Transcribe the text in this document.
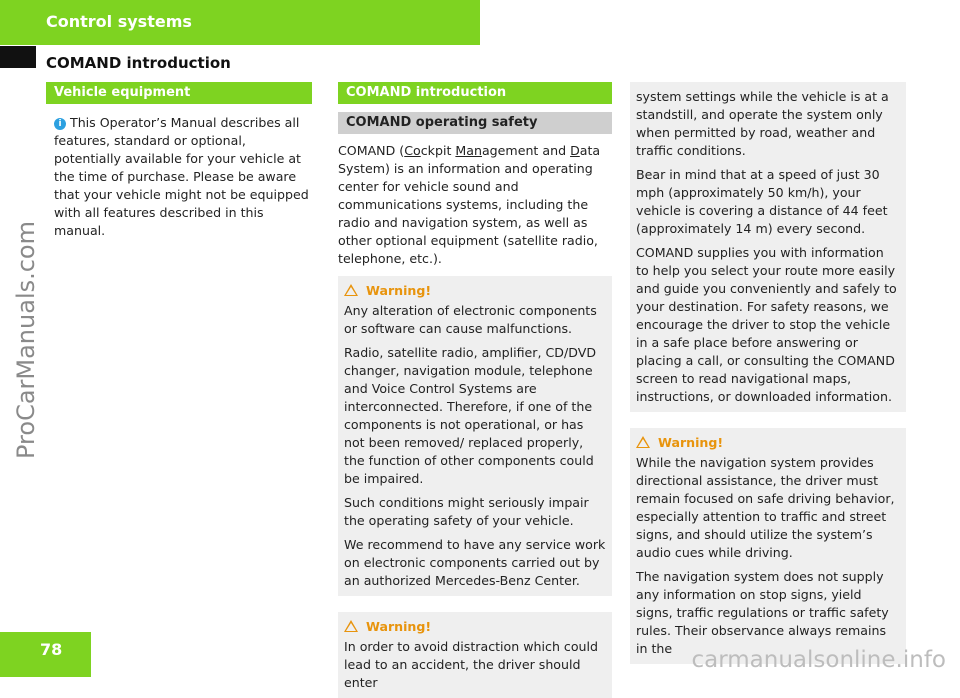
Control systems
COMAND introduction
ProCarManuals.com
Vehicle equipment
i This Operator’s Manual describes all features, standard or optional, potentially available for your vehicle at the time of purchase. Please be aware that your vehicle might not be equipped with all features described in this manual.
COMAND introduction
COMAND operating safety

COMAND (Cockpit Management and Data System) is an information and operating center for vehicle sound and communications systems, including the radio and navigation system, as well as other optional equipment (satellite radio, telephone, etc.).

Warning!

Any alteration of electronic components or software can cause malfunctions.

Radio, satellite radio, amplifier, CD/DVD changer, navigation module, telephone and Voice Control Systems are interconnected. Therefore, if one of the components is not operational, or has not been removed/ replaced properly, the function of other components could be impaired.

Such conditions might seriously impair the operating safety of your vehicle.

We recommend to have any service work on electronic components carried out by an authorized Mercedes-Benz Center.

Warning!

In order to avoid distraction which could lead to an accident, the driver should enter

system settings while the vehicle is at a standstill, and operate the system only when permitted by road, weather and traffic conditions.

Bear in mind that at a speed of just 30 mph (approximately 50 km/h), your vehicle is covering a distance of 44 feet (approximately 14 m) every second.

COMAND supplies you with information to help you select your route more easily and guide you conveniently and safely to your destination. For safety reasons, we encourage the driver to stop the vehicle in a safe place before answering or placing a call, or consulting the COMAND screen to read navigational maps, instructions, or downloaded information.

Warning!

While the navigation system provides directional assistance, the driver must remain focused on safe driving behavior, especially attention to traffic and street signs, and should utilize the system’s audio cues while driving.

The navigation system does not supply any information on stop signs, yield signs, traffic regulations or traffic safety rules. Their observance always remains in the

78	carmanualsonline.info
